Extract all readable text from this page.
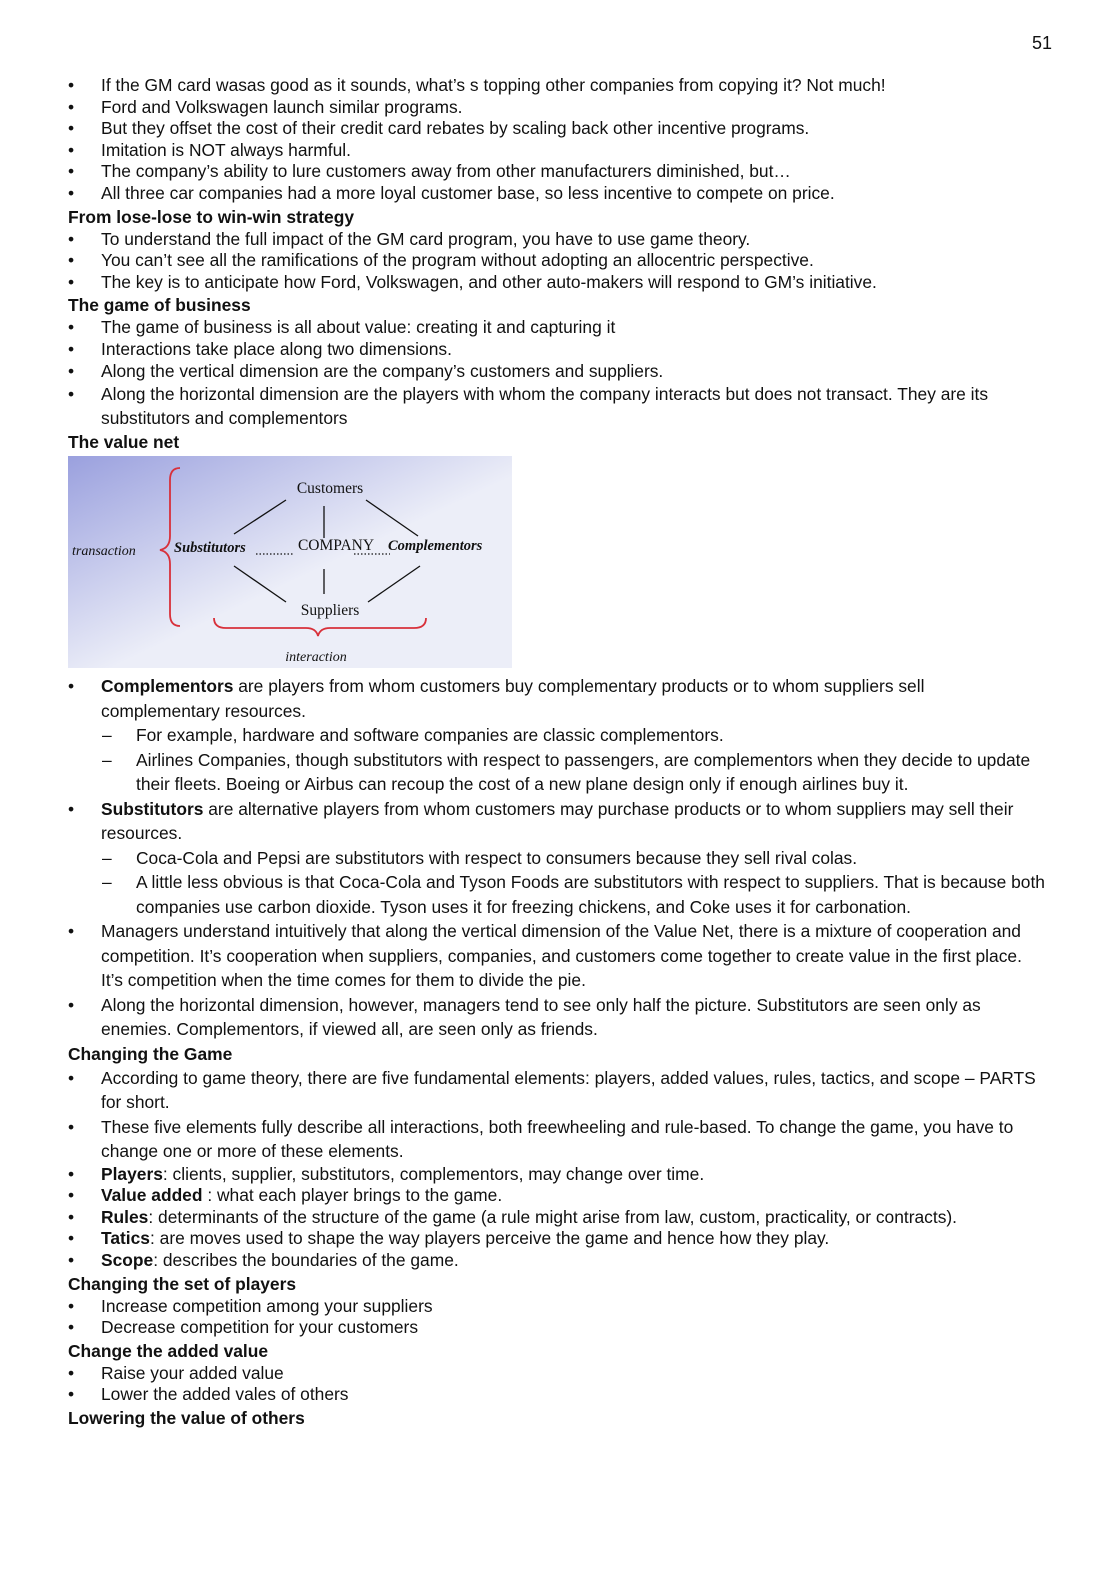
51
• If the GM card wasas good as it sounds, what’s s topping other companies from copying it? Not much!
• Ford and Volkswagen launch similar programs.
• But they offset the cost of their credit card rebates by scaling back other incentive programs.
• Imitation is NOT always harmful.
• The company’s ability to lure customers away from other manufacturers diminished, but…
• All three car companies had a more loyal customer base, so less incentive to compete on price.

From lose-lose to win-win strategy

• To understand the full impact of the GM card program, you have to use game theory.
• You can’t see all the ramifications of the program without adopting an allocentric perspective.
• The key is to anticipate how Ford, Volkswagen, and other auto-makers will respond to GM’s initiative.

The game of business

• The game of business is all about value: creating it and capturing it
• Interactions take place along two dimensions.
• Along the vertical dimension are the company’s customers and suppliers.
• Along the horizontal dimension are the players with whom the company interacts but does not transact. They are its substitutors and complementors

The value net

Customers
COMPANY
Suppliers
Substitutors	Complementors
transaction
interaction
• Complementors are players from whom customers buy complementary products or to whom suppliers sell complementary resources.
– For example, hardware and software companies are classic complementors.
– Airlines Companies, though substitutors with respect to passengers, are complementors when they decide to update their fleets. Boeing or Airbus can recoup the cost of a new plane design only if enough airlines buy it.
• Substitutors are alternative players from whom customers may purchase products or to whom suppliers may sell their resources.
– Coca-Cola and Pepsi are substitutors with respect to consumers because they sell rival colas.
– A little less obvious is that Coca-Cola and Tyson Foods are substitutors with respect to suppliers. That is because both companies use carbon dioxide. Tyson uses it for freezing chickens, and Coke uses it for carbonation.
• Managers understand intuitively that along the vertical dimension of the Value Net, there is a mixture of cooperation and competition. It’s cooperation when suppliers, companies, and customers come together to create value in the first place. It’s competition when the time comes for them to divide the pie.
• Along the horizontal dimension, however, managers tend to see only half the picture. Substitutors are seen only as enemies. Complementors, if viewed all, are seen only as friends.

Changing the Game

• According to game theory, there are five fundamental elements: players, added values, rules, tactics, and scope – PARTS for short.
• These five elements fully describe all interactions, both freewheeling and rule-based. To change the game, you have to change one or more of these elements.
• Players: clients, supplier, substitutors, complementors, may change over time.
• Value added : what each player brings to the game.
• Rules: determinants of the structure of the game (a rule might arise from law, custom, practicality, or contracts).
• Tatics: are moves used to shape the way players perceive the game and hence how they play.
• Scope: describes the boundaries of the game.

Changing the set of players

• Increase competition among your suppliers
• Decrease competition for your customers

Change the added value

• Raise your added value
• Lower the added vales of others

Lowering the value of others
